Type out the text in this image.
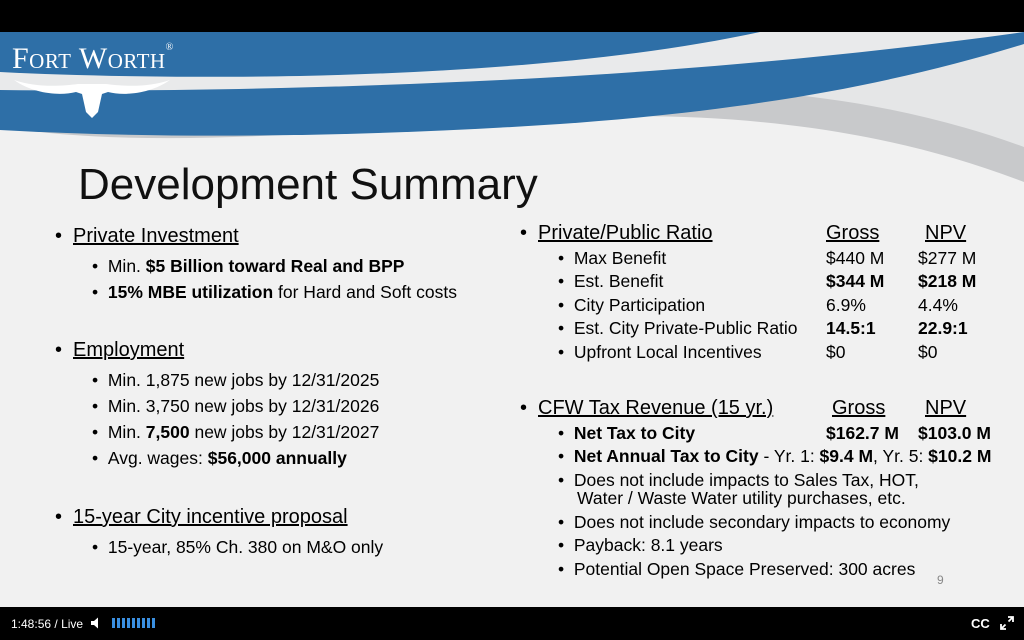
Fort Worth®
Development Summary
• Private Investment
•  Min. $5 Billion toward Real and BPP
•  15% MBE utilization for Hard and Soft costs
• Employment
•  Min. 1,875 new jobs by 12/31/2025
•  Min. 3,750 new jobs by 12/31/2026
•  Min. 7,500 new jobs by 12/31/2027
•  Avg. wages: $56,000 annually
• 15-year City incentive proposal
•  15-year, 85% Ch. 380 on M&O only
• Private/Public Ratio	Gross NPV
•  Max Benefit	$440 M $277 M
•  Est. Benefit	$344 M $218 M
•  City Participation	6.9%	4.4%
•  Est. City Private-Public Ratio 14.5:1 22.9:1
•  Upfront Local Incentives	$0	$0
• CFW Tax Revenue (15 yr.)	Gross NPV
•  Net Tax to City	$162.7 M $103.0 M
•  Net Annual Tax to City - Yr. 1: $9.4 M, Yr. 5: $10.2 M
•  Does not include impacts to Sales Tax, HOT,
Water / Waste Water utility purchases, etc.
•  Does not include secondary impacts to economy
•  Payback: 8.1 years
•  Potential Open Space Preserved: 300 acres
9
1:48:56 / Live	CC
